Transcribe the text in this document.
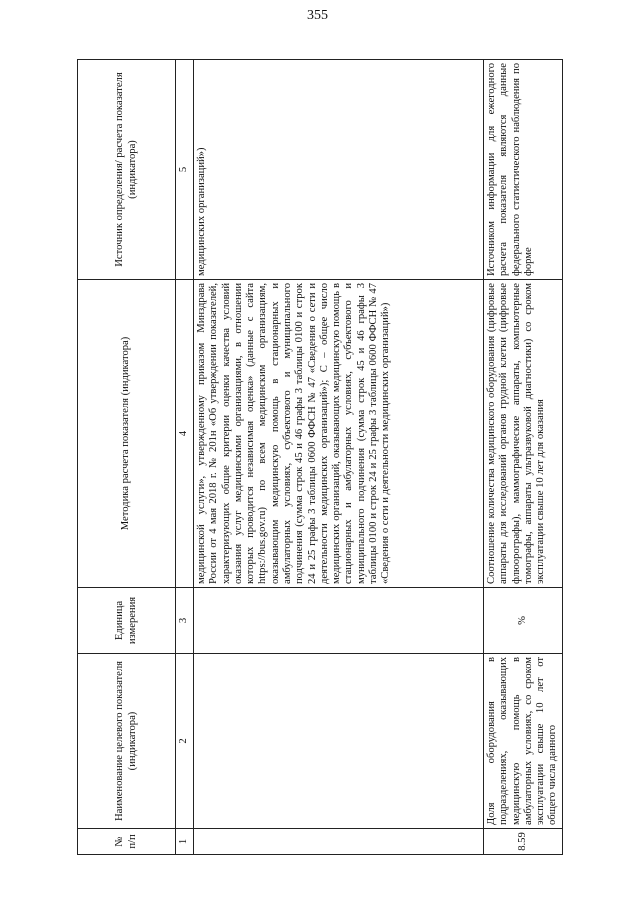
355
№ п/п	Наименование целевого показателя (индикатора)	Единица измерения	Методика расчета показателя (индикатора)	Источник определения/ расчета показателя (индикатора)
1	2	3	4	5
			медицинской услуги», утвержденному приказом Минздрава России от 4 мая 2018 г. № 201н «Об утверждении показателей, характеризующих общие критерии оценки качества условий оказания услуг медицинскими организациями, в отношении которых проводится независимая оценка» (данные с сайта https://bus.gov.ru) по всем медицинским организациям, оказывающим медицинскую помощь в стационарных и амбулаторных условиях, субъектового и муниципального подчинения (сумма строк 45 и 46 графы 3 таблицы 0100 и строк 24 и 25 графы 3 таблицы 0600 ФФСН № 47 «Сведения о сети и деятельности медицинских организаций»); С – общее число медицинских организаций, оказывающих медицинскую помощь в стационарных и амбулаторных условиях, субъектового и муниципального подчинения (сумма строк 45 и 46 графы 3 таблицы 0100 и строк 24 и 25 графы 3 таблицы 0600 ФФСН № 47 «Сведения о сети и деятельности медицинских организаций»)	медицинских организаций»)
8.59	Доля оборудования в подразделениях, оказывающих медицинскую помощь в амбулаторных условиях, со сроком эксплуатации свыше 10 лет от общего числа данного	%	Соотношение количества медицинского оборудования (цифровые аппараты для исследований органов грудной клетки (цифровые флюорографы), маммографические аппараты, компьютерные томографы, аппараты ультразвуковой диагностики) со сроком эксплуатации свыше 10 лет для оказания	Источником информации для ежегодного расчета показателя являются данные федерального статистического наблюдения по форме
